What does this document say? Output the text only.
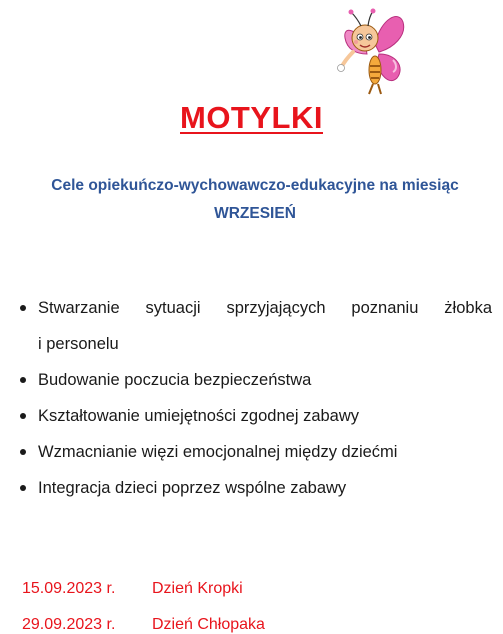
MOTYLKI
Cele opiekuńczo-wychowawczo-edukacyjne na miesiąc
WRZESIEŃ
Stwarzanie sytuacji sprzyjających poznaniu żłobka
i personelu
Budowanie poczucia bezpieczeństwa
Kształtowanie umiejętności zgodnej zabawy
Wzmacnianie więzi emocjonalnej między dziećmi
Integracja dzieci poprzez wspólne zabawy
15.09.2023 r. Dzień Kropki
29.09.2023 r. Dzień Chłopaka
